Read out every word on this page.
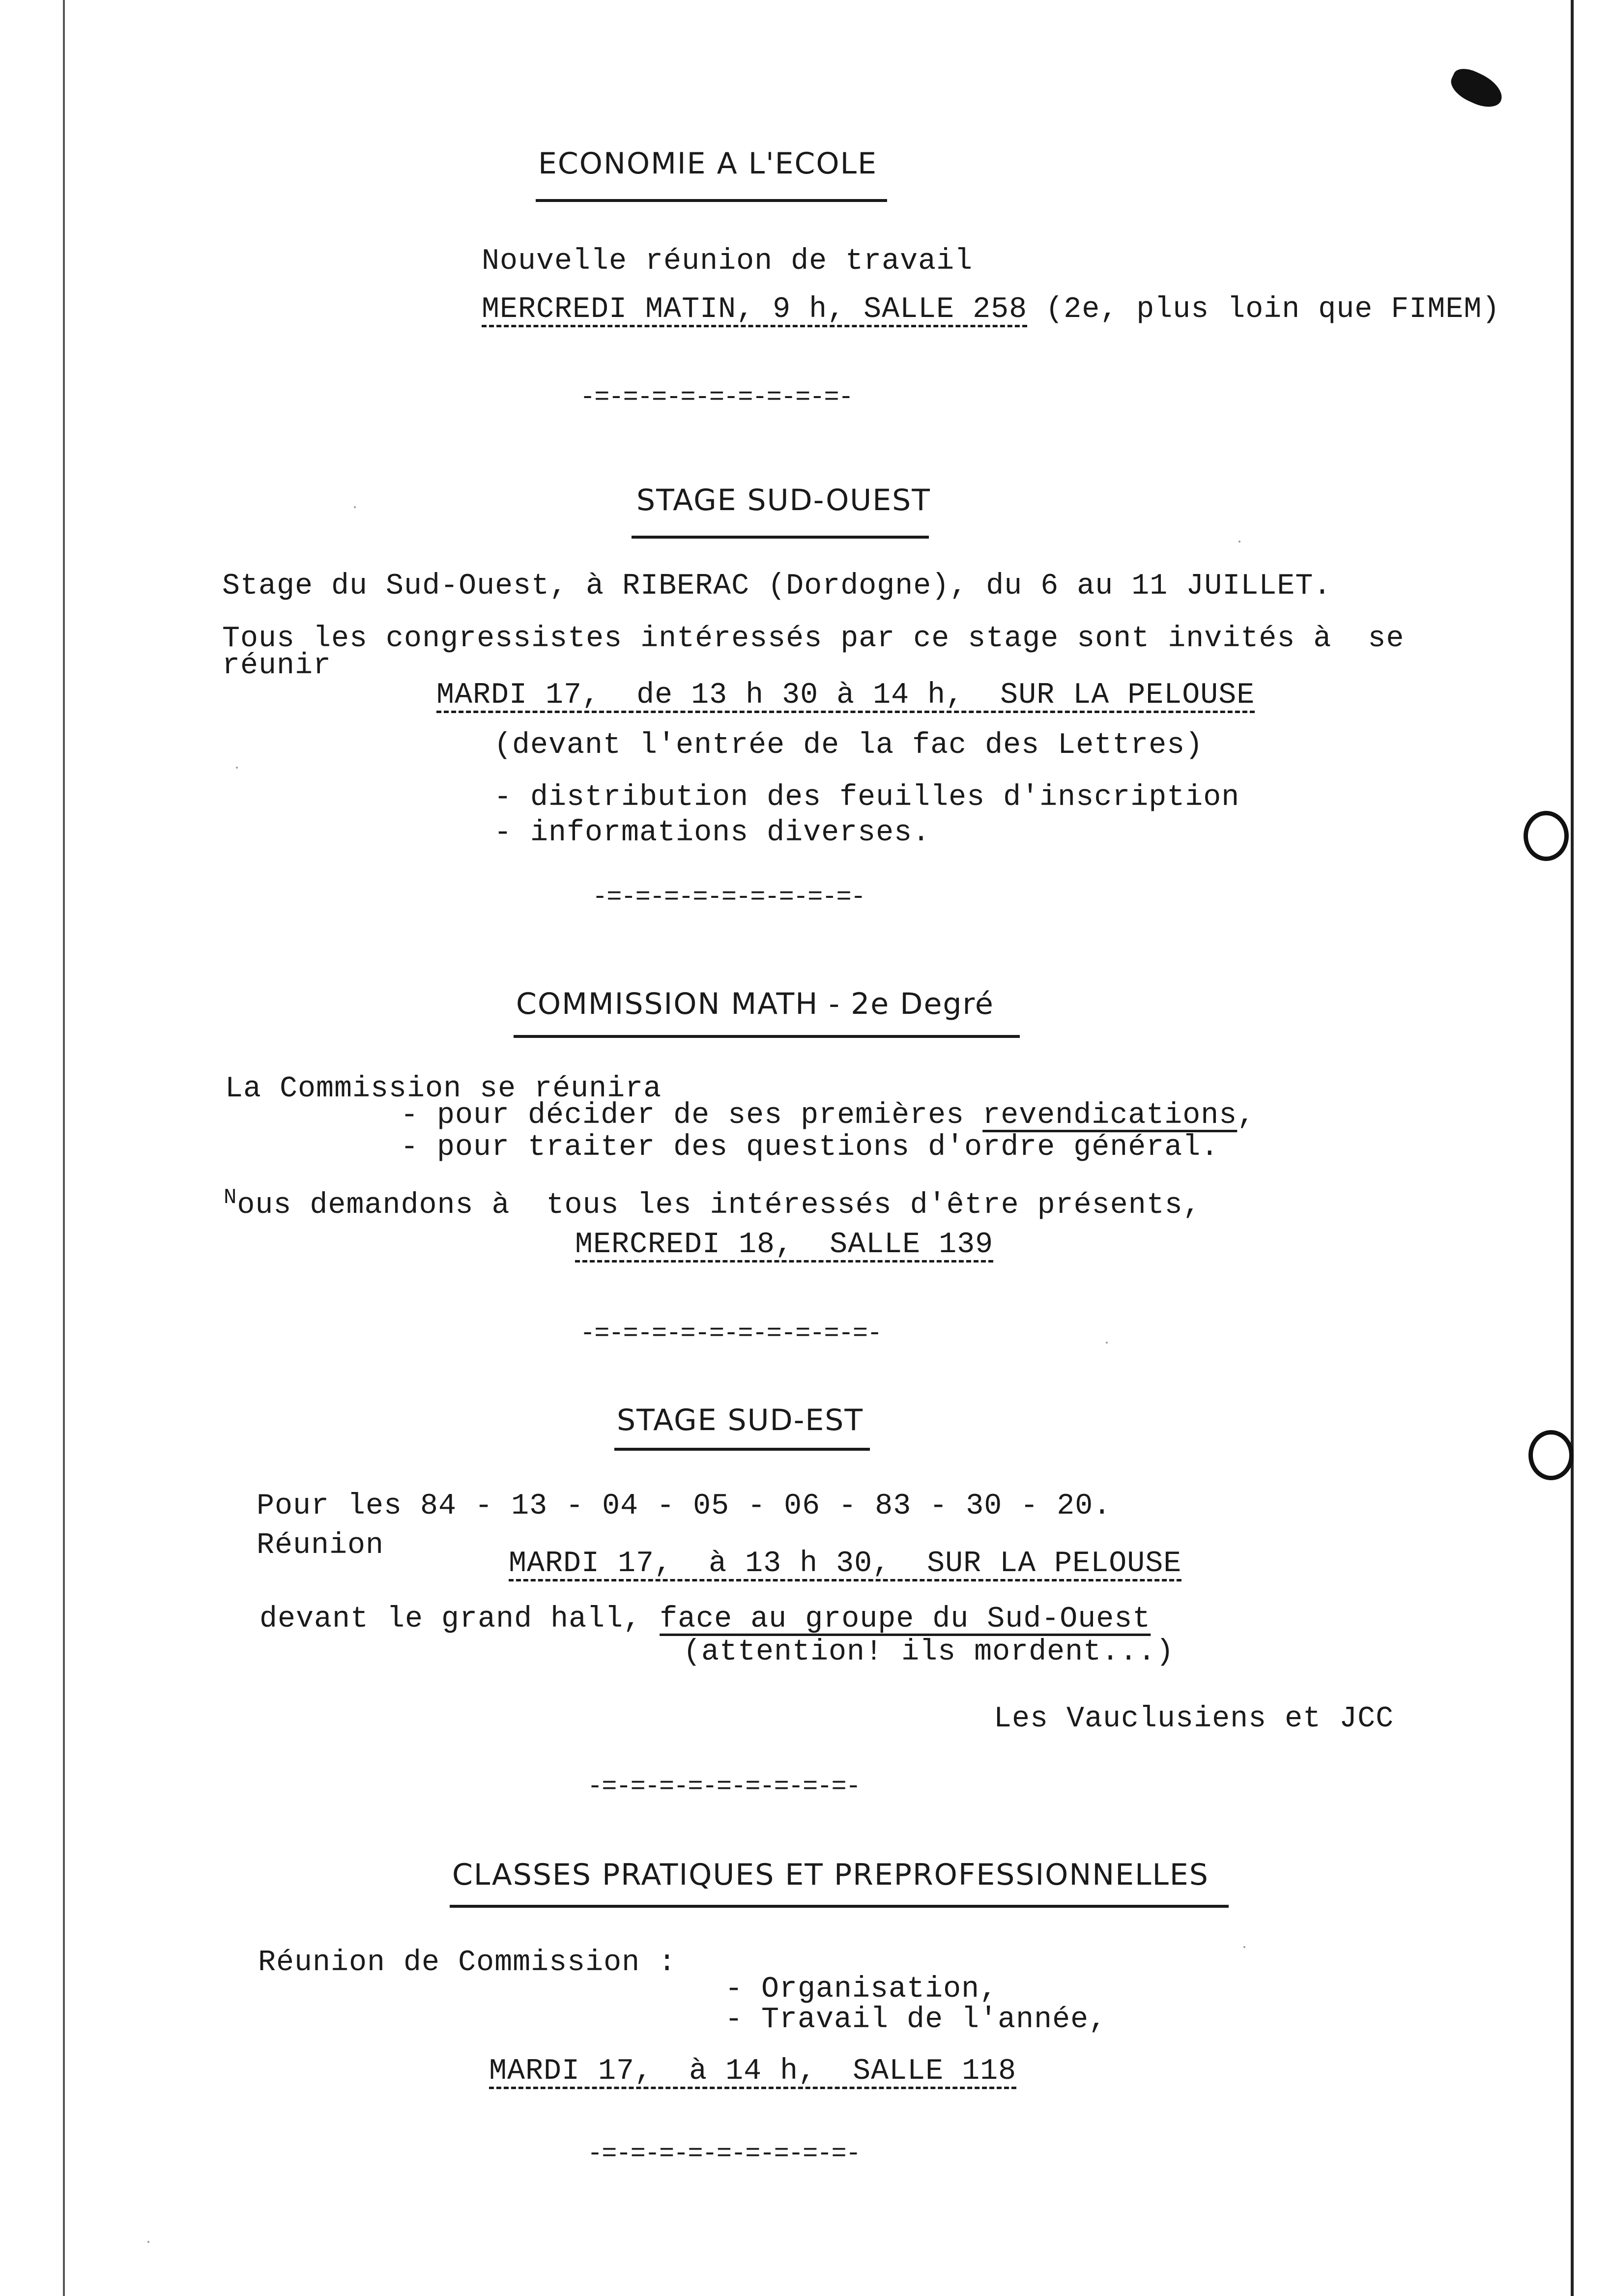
ECONOMIE A L'ECOLE
Nouvelle réunion de travail
MERCREDI MATIN, 9 h, SALLE 258 (2e, plus loin que FIMEM)
-=-=-=-=-=-=-=-=-=-
STAGE SUD-OUEST
Stage du Sud-Ouest, à RIBERAC (Dordogne), du 6 au 11 JUILLET.
Tous les congressistes intéressés par ce stage sont invités à  se
réunir
MARDI 17,  de 13 h 30 à 14 h,  SUR LA PELOUSE
(devant l'entrée de la fac des Lettres)
- distribution des feuilles d'inscription
- informations diverses.
-=-=-=-=-=-=-=-=-=-
COMMISSION MATH - 2e Degré
La Commission se réunira
- pour décider de ses premières revendications,
- pour traiter des questions d'ordre général.
$^N$ous demandons à  tous les intéressés d'être présents,
MERCREDI 18,  SALLE 139
-=-=-=-=-=-=-=-=-=-=-
STAGE SUD-EST
Pour les 84 - 13 - 04 - 05 - 06 - 83 - 30 - 20.
Réunion
MARDI 17,  à 13 h 30,  SUR LA PELOUSE
devant le grand hall, face au groupe du Sud-Ouest
(attention! ils mordent...)
Les Vauclusiens et JCC
-=-=-=-=-=-=-=-=-=-
CLASSES PRATIQUES ET PREPROFESSIONNELLES
Réunion de Commission :
- Organisation,
- Travail de l'année,
MARDI 17,  à 14 h,  SALLE 118
-=-=-=-=-=-=-=-=-=-
